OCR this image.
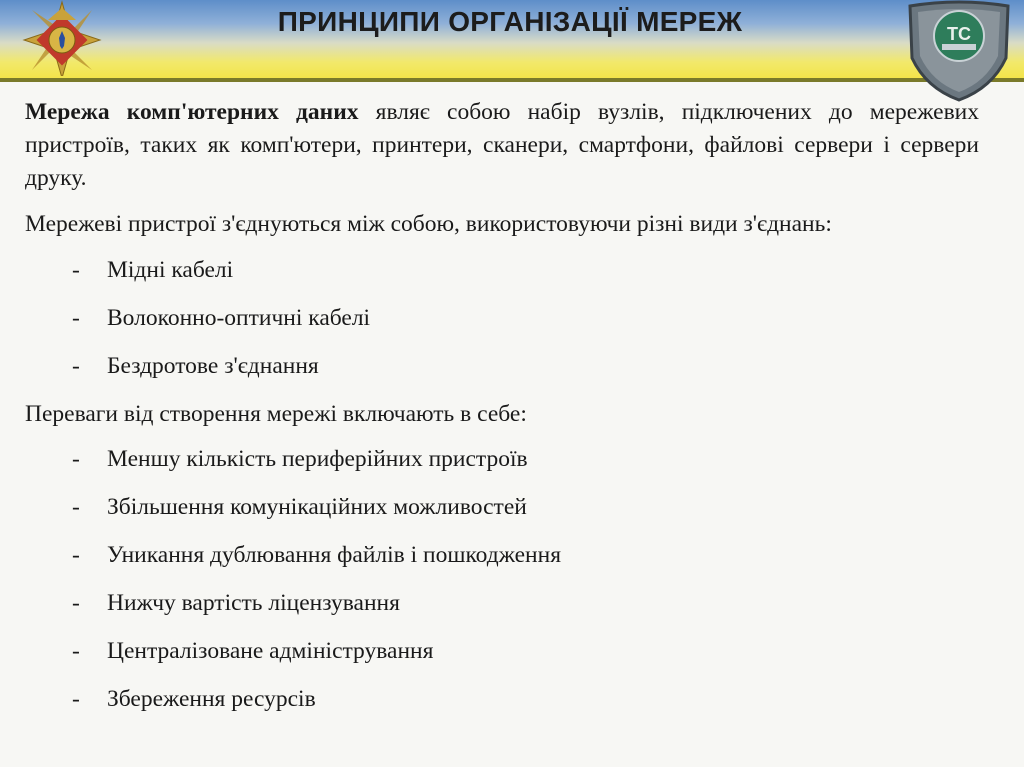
ПРИНЦИПИ ОРГАНІЗАЦІЇ МЕРЕЖ	ТС

Мережа комп'ютерних даних являє собою набір вузлів, підключених до мережевих пристроїв, таких як комп'ютери, принтери, сканери, смартфони, файлові сервери і сервери друку.

Мережеві пристрої з'єднуються між собою, використовуючи різні види з'єднань:

- Мідні кабелі
- Волоконно-оптичні кабелі
- Бездротове з'єднання

Переваги від створення мережі включають в себе:

- Меншу кількість периферійних пристроїв
- Збільшення комунікаційних можливостей
- Уникання дублювання файлів і пошкодження
- Нижчу вартість ліцензування
- Централізоване адміністрування
- Збереження ресурсів
